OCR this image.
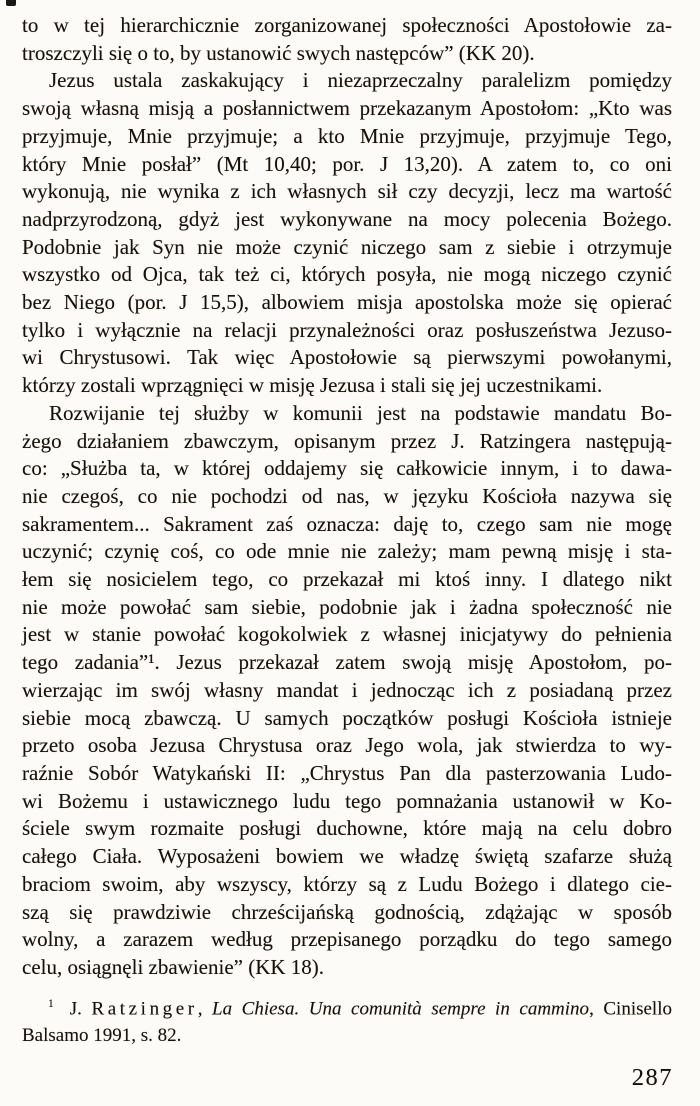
to w tej hierarchicznie zorganizowanej społeczności Apostołowie za-
troszczyli się o to, by ustanowić swych następców” (KK 20).
Jezus ustala zaskakujący i niezaprzeczalny paralelizm pomiędzy
swoją własną misją a posłannictwem przekazanym Apostołom: „Kto was
przyjmuje, Mnie przyjmuje; a kto Mnie przyjmuje, przyjmuje Tego,
który Mnie posłał” (Mt 10,40; por. J 13,20). A zatem to, co oni
wykonują, nie wynika z ich własnych sił czy decyzji, lecz ma wartość
nadprzyrodzoną, gdyż jest wykonywane na mocy polecenia Bożego.
Podobnie jak Syn nie może czynić niczego sam z siebie i otrzymuje
wszystko od Ojca, tak też ci, których posyła, nie mogą niczego czynić
bez Niego (por. J 15,5), albowiem misja apostolska może się opierać
tylko i wyłącznie na relacji przynależności oraz posłuszeństwa Jezuso-
wi Chrystusowi. Tak więc Apostołowie są pierwszymi powołanymi,
którzy zostali wprzągnięci w misję Jezusa i stali się jej uczestnikami.
Rozwijanie tej służby w komunii jest na podstawie mandatu Bo-
żego działaniem zbawczym, opisanym przez J. Ratzingera następują-
co: „Służba ta, w której oddajemy się całkowicie innym, i to dawa-
nie czegoś, co nie pochodzi od nas, w języku Kościoła nazywa się
sakramentem... Sakrament zaś oznacza: daję to, czego sam nie mogę
uczynić; czynię coś, co ode mnie nie zależy; mam pewną misję i sta-
łem się nosicielem tego, co przekazał mi ktoś inny. I dlatego nikt
nie może powołać sam siebie, podobnie jak i żadna społeczność nie
jest w stanie powołać kogokolwiek z własnej inicjatywy do pełnienia
tego zadania”¹. Jezus przekazał zatem swoją misję Apostołom, po-
wierzając im swój własny mandat i jednocząc ich z posiadaną przez
siebie mocą zbawczą. U samych początków posługi Kościoła istnieje
przeto osoba Jezusa Chrystusa oraz Jego wola, jak stwierdza to wy-
raźnie Sobór Watykański II: „Chrystus Pan dla pasterzowania Ludo-
wi Bożemu i ustawicznego ludu tego pomnażania ustanowił w Ko-
ściele swym rozmaite posługi duchowne, które mają na celu dobro
całego Ciała. Wyposażeni bowiem we władzę świętą szafarze służą
braciom swoim, aby wszyscy, którzy są z Ludu Bożego i dlatego cie-
szą się prawdziwie chrześcijańską godnością, zdążając w sposób
wolny, a zarazem według przepisanego porządku do tego samego
celu, osiągnęli zbawienie” (KK 18).
$^1$ J. Ratzinger, La Chiesa. Una comunità sempre in cammino, Cinisello
Balsamo 1991, s. 82.
287
